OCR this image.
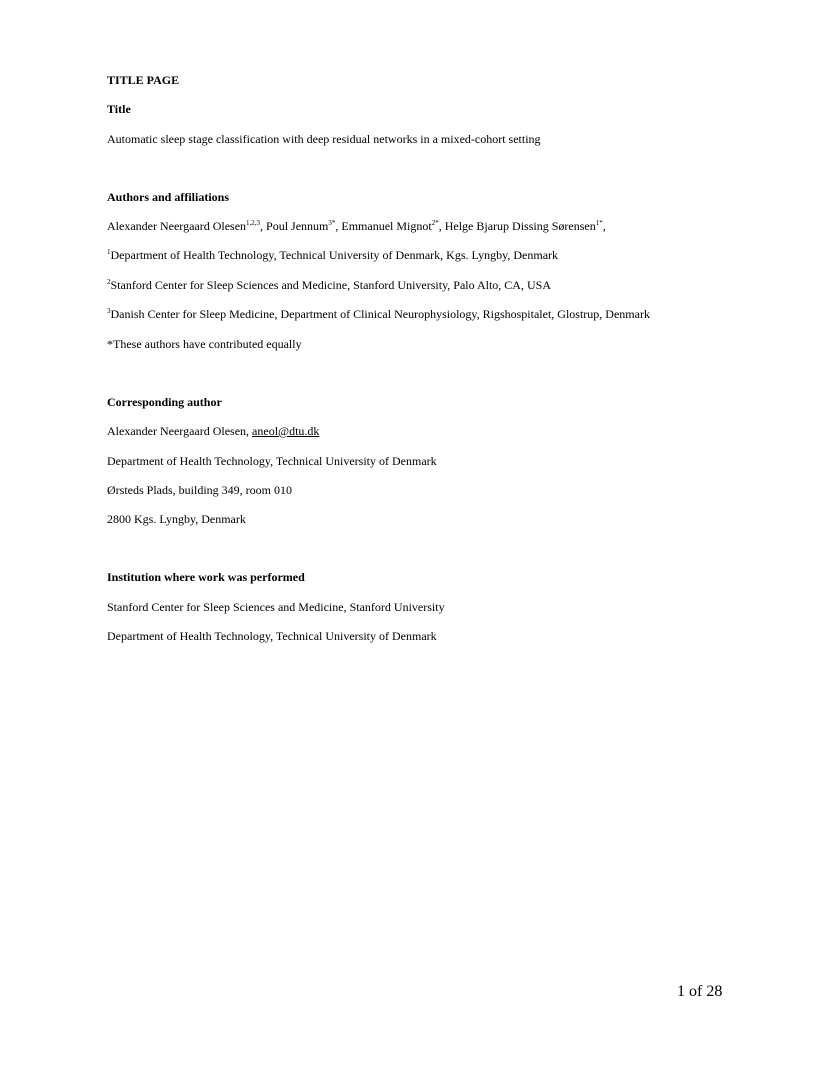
TITLE PAGE
Title
Automatic sleep stage classification with deep residual networks in a mixed-cohort setting
Authors and affiliations
Alexander Neergaard Olesen$^{1,2,3}$, Poul Jennum$^{3*}$, Emmanuel Mignot$^{2*}$, Helge Bjarup Dissing Sørensen$^{1*}$,
$^1$Department of Health Technology, Technical University of Denmark, Kgs. Lyngby, Denmark
$^2$Stanford Center for Sleep Sciences and Medicine, Stanford University, Palo Alto, CA, USA
$^3$Danish Center for Sleep Medicine, Department of Clinical Neurophysiology, Rigshospitalet, Glostrup, Denmark
*These authors have contributed equally
Corresponding author
Alexander Neergaard Olesen, aneol@dtu.dk
Department of Health Technology, Technical University of Denmark
Ørsteds Plads, building 349, room 010
2800 Kgs. Lyngby, Denmark
Institution where work was performed
Stanford Center for Sleep Sciences and Medicine, Stanford University
Department of Health Technology, Technical University of Denmark
1 of 28
